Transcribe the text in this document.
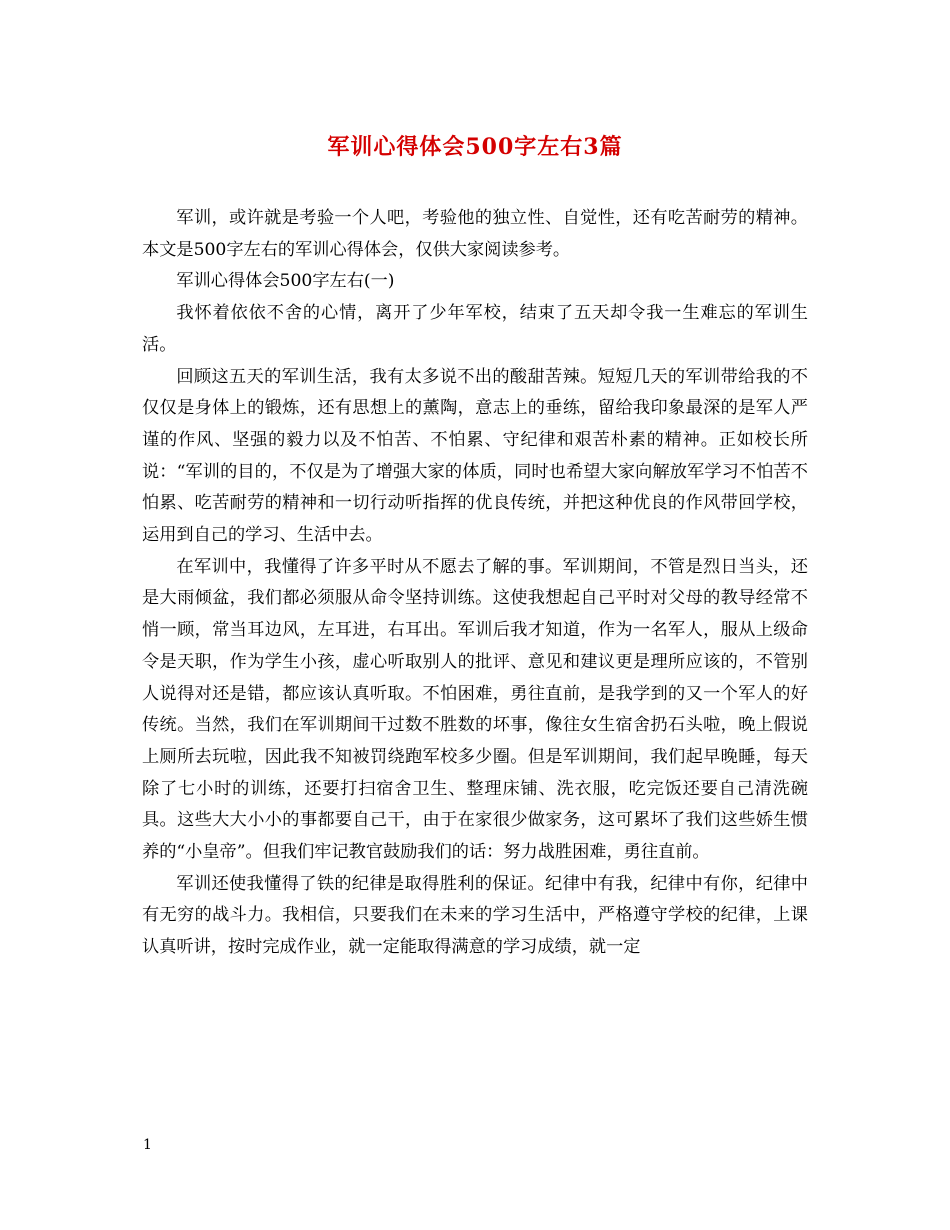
军训心得体会500字左右3篇

军训，或许就是考验一个人吧，考验他的独立性、自觉性，还有吃苦耐劳的精神。本文是500字左右的军训心得体会，仅供大家阅读参考。

军训心得体会500字左右(一)

我怀着依依不舍的心情，离开了少年军校，结束了五天却令我一生难忘的军训生活。

回顾这五天的军训生活，我有太多说不出的酸甜苦辣。短短几天的军训带给我的不仅仅是身体上的锻炼，还有思想上的薰陶，意志上的垂练，留给我印象最深的是军人严谨的作风、坚强的毅力以及不怕苦、不怕累、守纪律和艰苦朴素的精神。正如校长所说：“军训的目的，不仅是为了增强大家的体质，同时也希望大家向解放军学习不怕苦不怕累、吃苦耐劳的精神和一切行动听指挥的优良传统，并把这种优良的作风带回学校，运用到自己的学习、生活中去。

在军训中，我懂得了许多平时从不愿去了解的事。军训期间，不管是烈日当头，还是大雨倾盆，我们都必须服从命令坚持训练。这使我想起自己平时对父母的教导经常不悄一顾，常当耳边风，左耳进，右耳出。军训后我才知道，作为一名军人，服从上级命令是天职，作为学生小孩，虚心听取别人的批评、意见和建议更是理所应该的，不管别人说得对还是错，都应该认真听取。不怕困难，勇往直前，是我学到的又一个军人的好传统。当然，我们在军训期间干过数不胜数的坏事，像往女生宿舍扔石头啦，晚上假说上厕所去玩啦，因此我不知被罚绕跑军校多少圈。但是军训期间，我们起早晚睡，每天除了七小时的训练，还要打扫宿舍卫生、整理床铺、洗衣服，吃完饭还要自己清洗碗具。这些大大小小的事都要自己干，由于在家很少做家务，这可累坏了我们这些娇生惯养的“小皇帝”。但我们牢记教官鼓励我们的话：努力战胜困难，勇往直前。

军训还使我懂得了铁的纪律是取得胜利的保证。纪律中有我，纪律中有你，纪律中有无穷的战斗力。我相信，只要我们在未来的学习生活中，严格遵守学校的纪律，上课认真听讲，按时完成作业，就一定能取得满意的学习成绩，就一定

1
